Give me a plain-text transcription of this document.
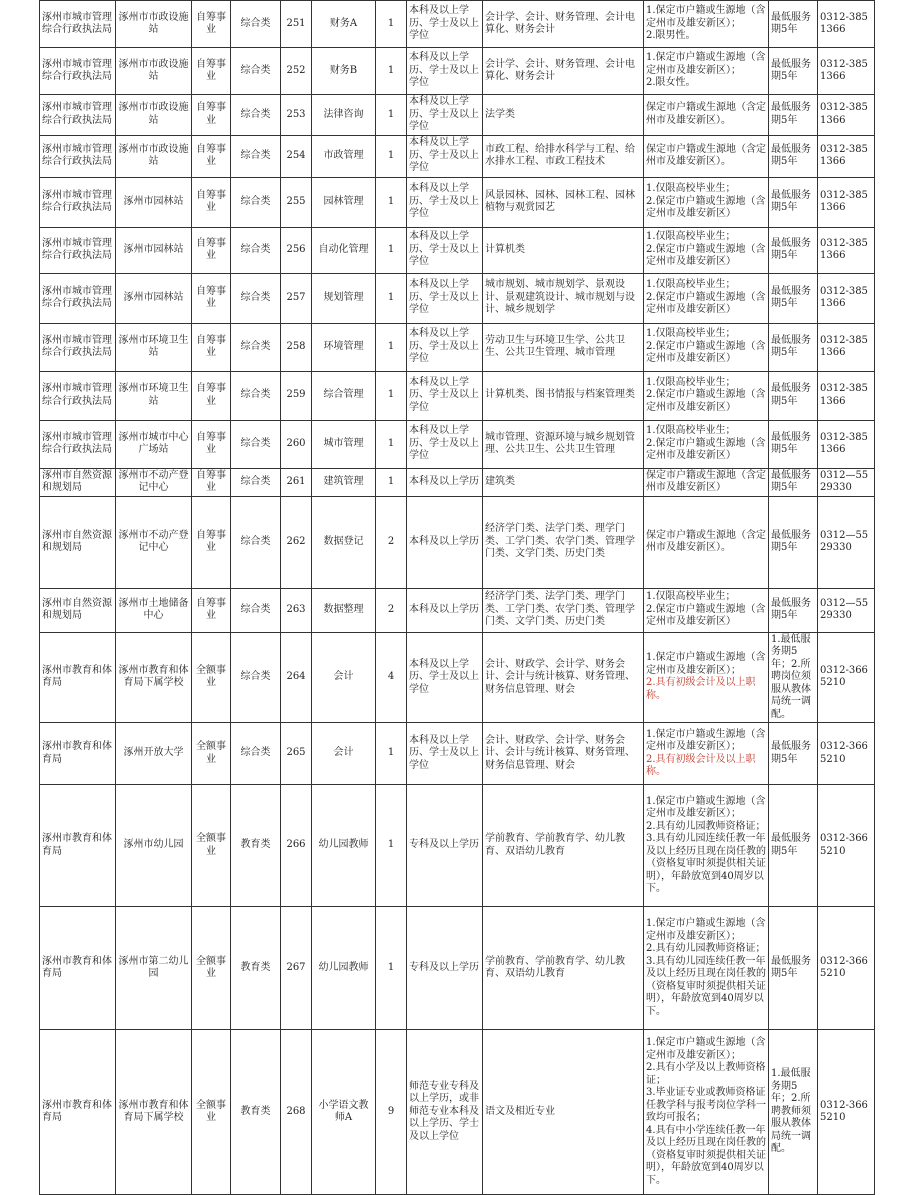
涿州市城市管理综合行政执法局	涿州市市政设施站	自筹事业	综合类	251	财务A	1	本科及以上学历、学士及以上学位	会计学、会计、财务管理、会计电算化、财务会计	1.保定市户籍或生源地（含定州市及雄安新区）；
2.限男性。	最低服务期5年	0312-3851366
涿州市城市管理综合行政执法局	涿州市市政设施站	自筹事业	综合类	252	财务B	1	本科及以上学历、学士及以上学位	会计学、会计、财务管理、会计电算化、财务会计	1.保定市户籍或生源地（含定州市及雄安新区）；
2.限女性。	最低服务期5年	0312-3851366
涿州市城市管理综合行政执法局	涿州市市政设施站	自筹事业	综合类	253	法律咨询	1	本科及以上学历、学士及以上学位	法学类	保定市户籍或生源地（含定州市及雄安新区）。	最低服务期5年	0312-3851366
涿州市城市管理综合行政执法局	涿州市市政设施站	自筹事业	综合类	254	市政管理	1	本科及以上学历、学士及以上学位	市政工程、给排水科学与工程、给水排水工程、市政工程技术	保定市户籍或生源地（含定州市及雄安新区）。	最低服务期5年	0312-3851366
涿州市城市管理综合行政执法局	涿州市园林站	自筹事业	综合类	255	园林管理	1	本科及以上学历、学士及以上学位	风景园林、园林、园林工程、园林植物与观赏园艺	1.仅限高校毕业生；
2.保定市户籍或生源地（含定州市及雄安新区）	最低服务期5年	0312-3851366
涿州市城市管理综合行政执法局	涿州市园林站	自筹事业	综合类	256	自动化管理	1	本科及以上学历、学士及以上学位	计算机类	1.仅限高校毕业生；
2.保定市户籍或生源地（含定州市及雄安新区）	最低服务期5年	0312-3851366
涿州市城市管理综合行政执法局	涿州市园林站	自筹事业	综合类	257	规划管理	1	本科及以上学历、学士及以上学位	城市规划、城市规划学、景观设计、景观建筑设计、城市规划与设计、城乡规划学	1.仅限高校毕业生；
2.保定市户籍或生源地（含定州市及雄安新区）	最低服务期5年	0312-3851366
涿州市城市管理综合行政执法局	涿州市环境卫生站	自筹事业	综合类	258	环境管理	1	本科及以上学历、学士及以上学位	劳动卫生与环境卫生学、公共卫生、公共卫生管理、城市管理	1.仅限高校毕业生；
2.保定市户籍或生源地（含定州市及雄安新区）	最低服务期5年	0312-3851366
涿州市城市管理综合行政执法局	涿州市环境卫生站	自筹事业	综合类	259	综合管理	1	本科及以上学历、学士及以上学位	计算机类、图书情报与档案管理类	1.仅限高校毕业生；
2.保定市户籍或生源地（含定州市及雄安新区）	最低服务期5年	0312-3851366
涿州市城市管理综合行政执法局	涿州市城市中心广场站	自筹事业	综合类	260	城市管理	1	本科及以上学历、学士及以上学位	城市管理、资源环境与城乡规划管理、公共卫生、公共卫生管理	1.仅限高校毕业生；
2.保定市户籍或生源地（含定州市及雄安新区）	最低服务期5年	0312-3851366
涿州市自然资源和规划局	涿州市不动产登记中心	自筹事业	综合类	261	建筑管理	1	本科及以上学历	建筑类	保定市户籍或生源地（含定州市及雄安新区）	最低服务期5年	0312—5529330
涿州市自然资源和规划局	涿州市不动产登记中心	自筹事业	综合类	262	数据登记	2	本科及以上学历	经济学门类、法学门类、理学门类、工学门类、农学门类、管理学门类、文学门类、历史门类	保定市户籍或生源地（含定州市及雄安新区）。	最低服务期5年	0312—5529330
涿州市自然资源和规划局	涿州市土地储备中心	自筹事业	综合类	263	数据整理	2	本科及以上学历	经济学门类、法学门类、理学门类、工学门类、农学门类、管理学门类、文学门类、历史门类	1.仅限高校毕业生；
2.保定市户籍或生源地（含定州市及雄安新区）	最低服务期5年	0312—5529330
涿州市教育和体育局	涿州市教育和体育局下属学校	全额事业	综合类	264	会计	4	本科及以上学历、学士及以上学位	会计、财政学、会计学、财务会计、会计与统计核算、财务管理、财务信息管理、财会	1.保定市户籍或生源地（含定州市及雄安新区）；
2.具有初级会计及以上职称。	1.最低服务期5年；2.所聘岗位须服从教体局统一调配。	0312-3665210
涿州市教育和体育局	涿州开放大学	全额事业	综合类	265	会计	1	本科及以上学历、学士及以上学位	会计、财政学、会计学、财务会计、会计与统计核算、财务管理、财务信息管理、财会	1.保定市户籍或生源地（含定州市及雄安新区）；
2.具有初级会计及以上职称。	最低服务期5年	0312-3665210
涿州市教育和体育局	涿州市幼儿园	全额事业	教育类	266	幼儿园教师	1	专科及以上学历	学前教育、学前教育学、幼儿教育、双语幼儿教育	1.保定市户籍或生源地（含定州市及雄安新区）；
2.具有幼儿园教师资格证；
3.具有幼儿园连续任教一年及以上经历且现在岗任教的（资格复审时须提供相关证明），年龄放宽到40周岁以下。	最低服务期5年	0312-3665210
涿州市教育和体育局	涿州市第二幼儿园	全额事业	教育类	267	幼儿园教师	1	专科及以上学历	学前教育、学前教育学、幼儿教育、双语幼儿教育	1.保定市户籍或生源地（含定州市及雄安新区）；
2.具有幼儿园教师资格证；
3.具有幼儿园连续任教一年及以上经历且现在岗任教的（资格复审时须提供相关证明），年龄放宽到40周岁以下。	最低服务期5年	0312-3665210
涿州市教育和体育局	涿州市教育和体育局下属学校	全额事业	教育类	268	小学语文教师A	9	师范专业专科及以上学历，或非师范专业本科及以上学历、学士及以上学位	语文及相近专业	1.保定市户籍或生源地（含定州市及雄安新区）；
2.具有小学及以上教师资格证；
3.毕业证专业或教师资格证任教学科与报考岗位学科一致均可报名；
4.具有中小学连续任教一年及以上经历且现在岗任教的（资格复审时须提供相关证明），年龄放宽到40周岁以下。	1.最低服务期5年；2.所聘教师须服从教体局统一调配。	0312-3665210
